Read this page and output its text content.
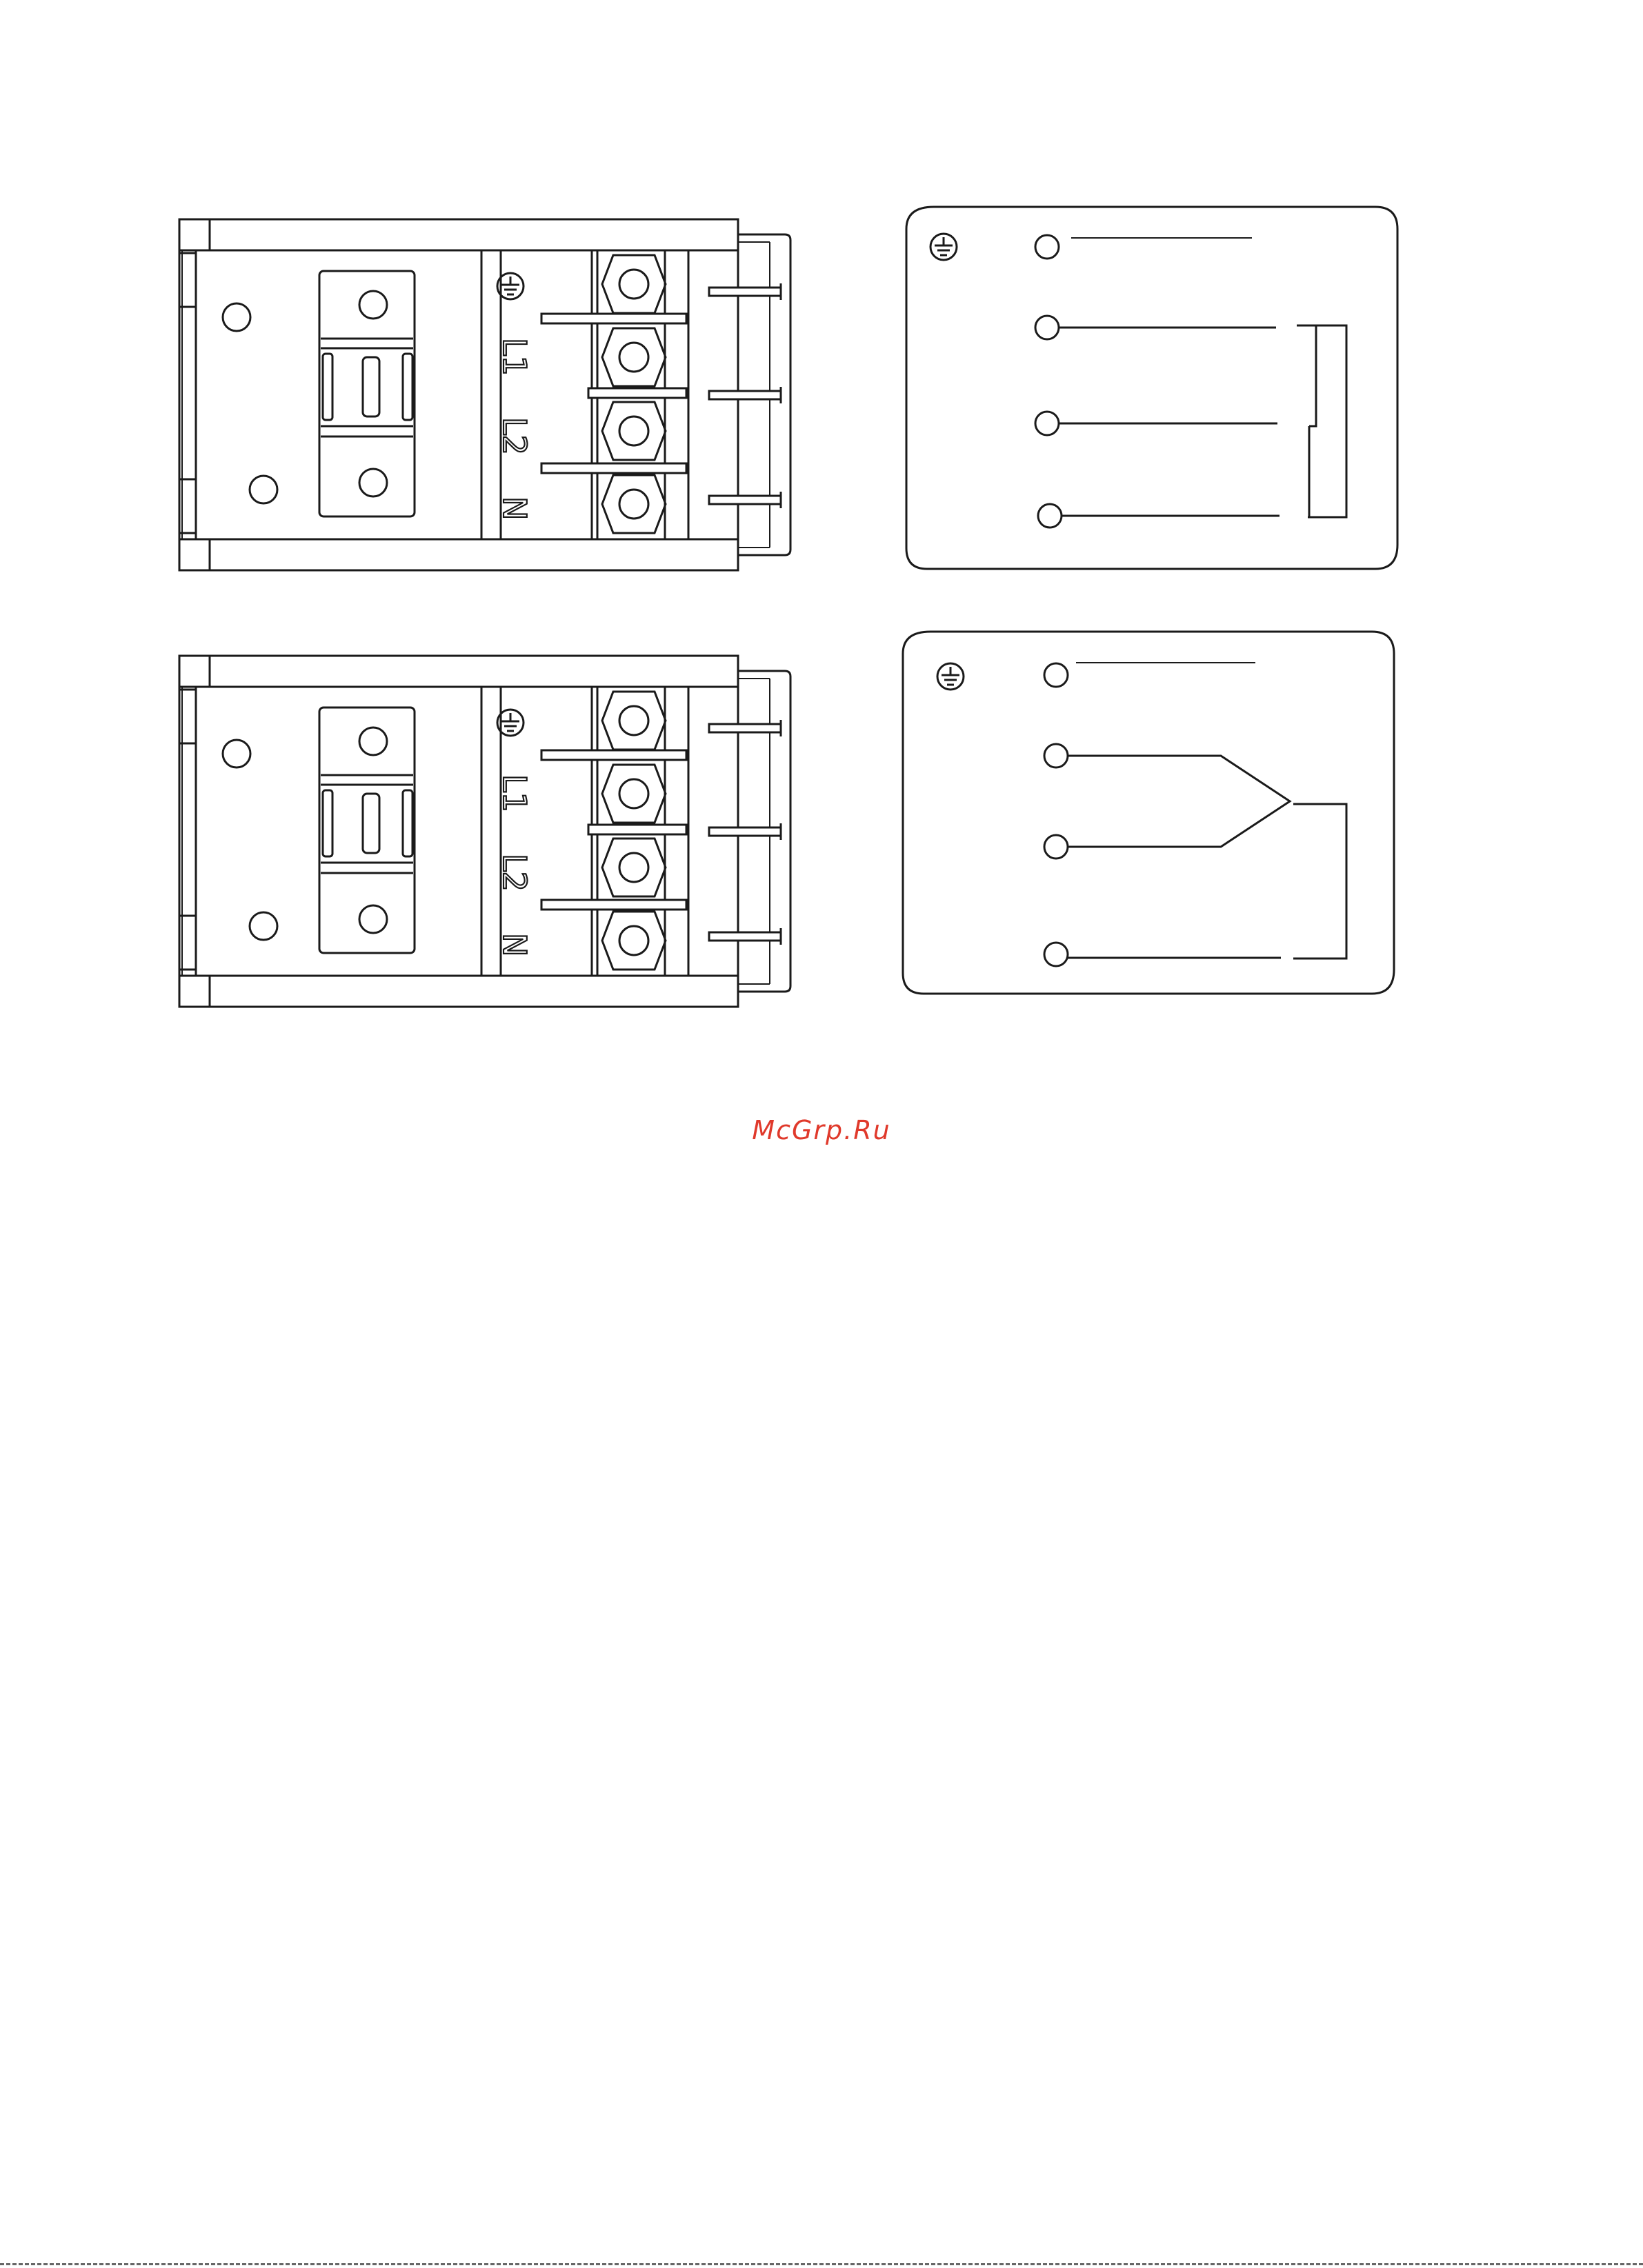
L1
L2
N
L1
L2
N
McGrp.Ru
